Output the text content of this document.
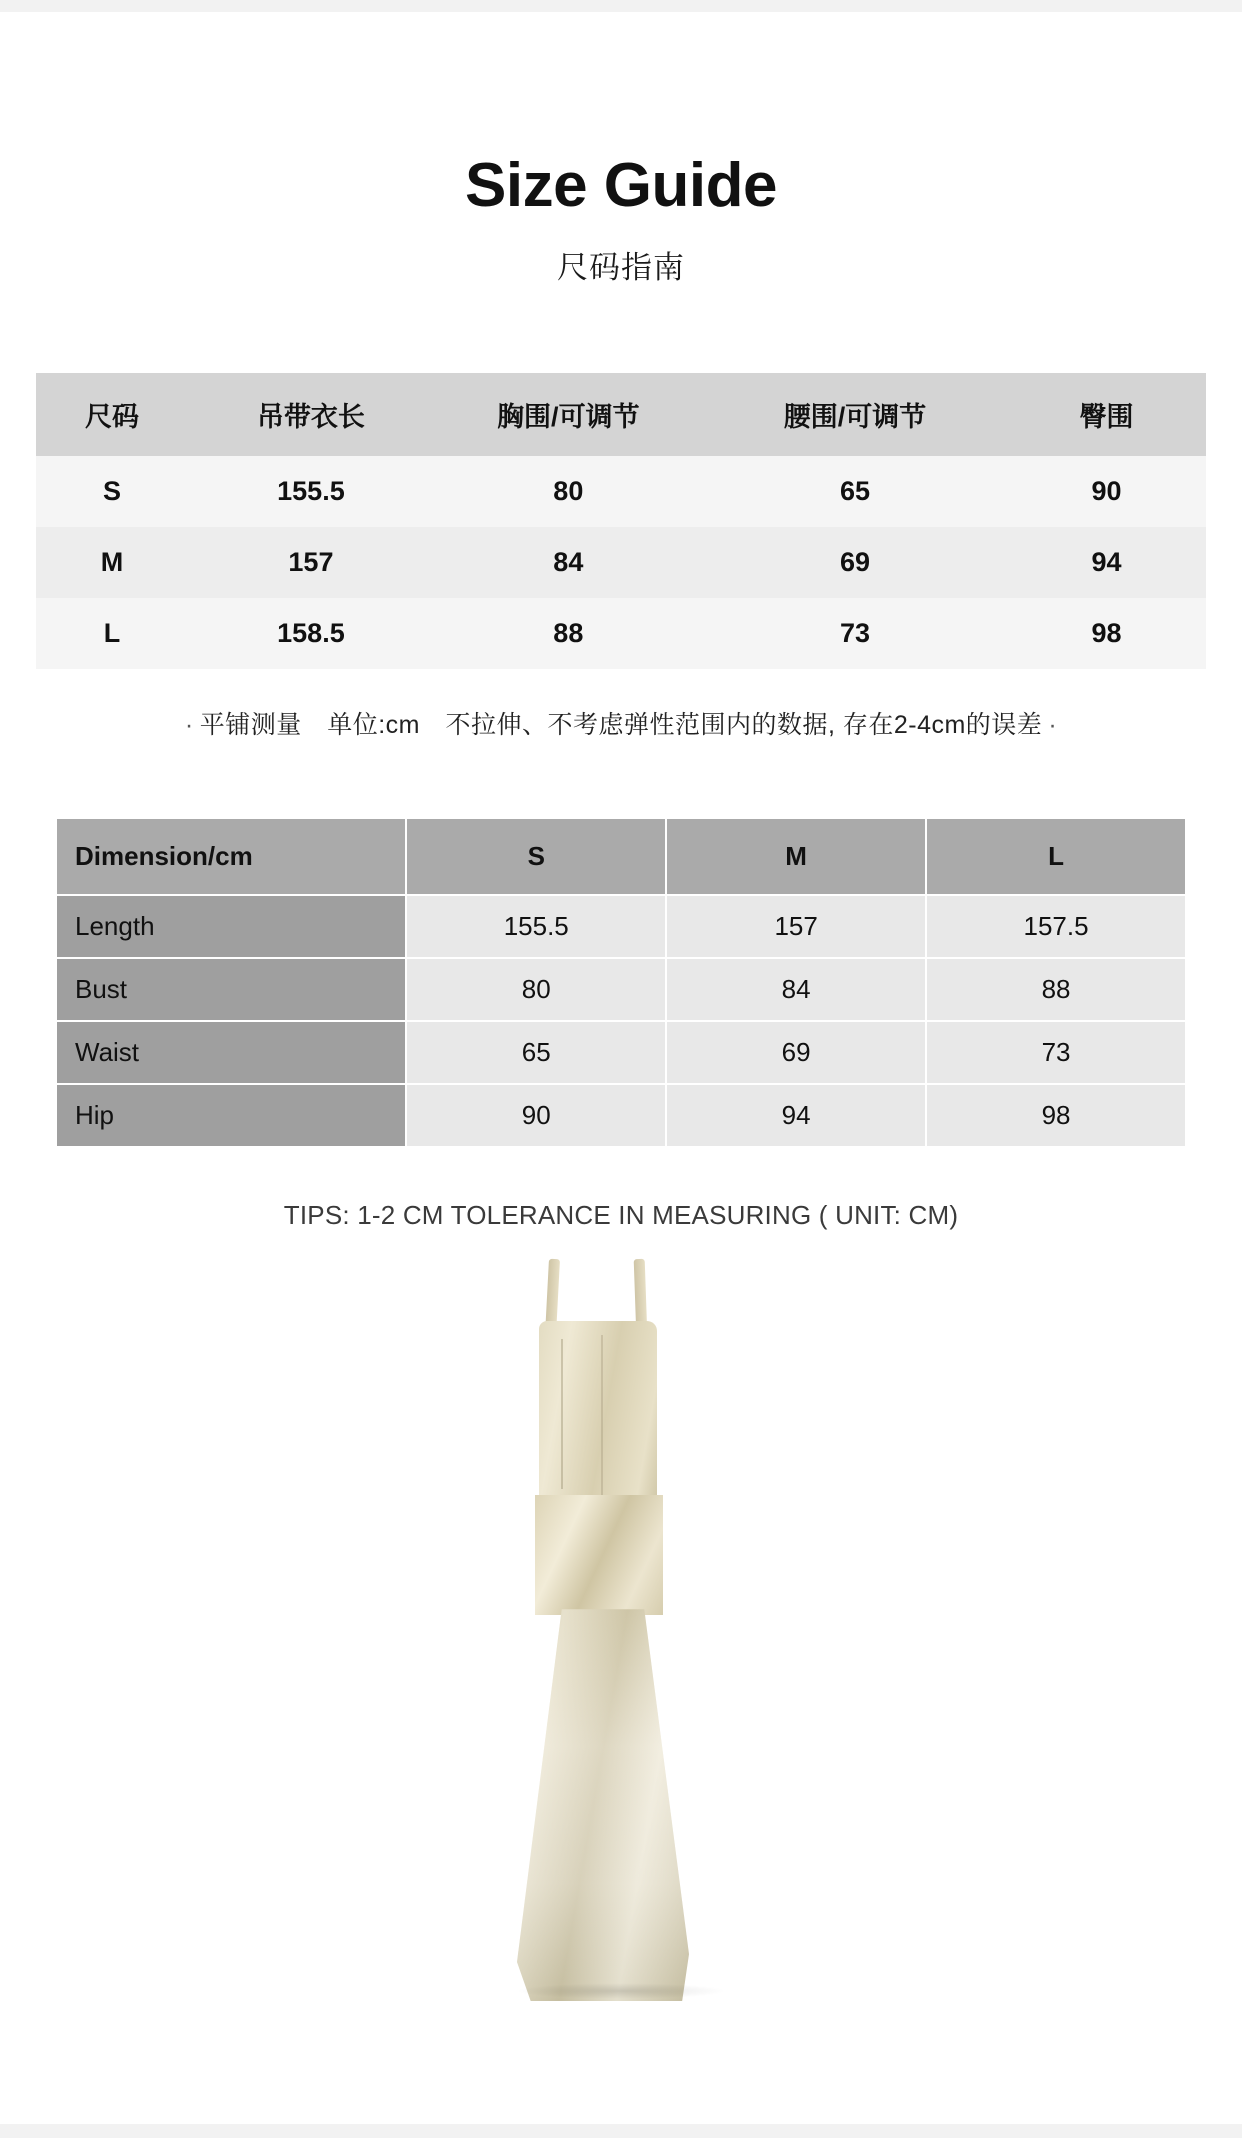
Size Guide
尺码指南
尺码	吊带衣长	胸围/可调节	腰围/可调节	臀围
S	155.5	80	65	90
M	157	84	69	94
L	158.5	88	73	98
· 平铺测量　单位:cm　不拉伸、不考虑弹性范围内的数据, 存在2-4cm的误差 ·
Dimension/cm	S	M	L
Length	155.5	157	157.5
Bust	80	84	88
Waist	65	69	73
Hip	90	94	98
TIPS: 1-2 CM TOLERANCE IN MEASURING ( UNIT: CM)
